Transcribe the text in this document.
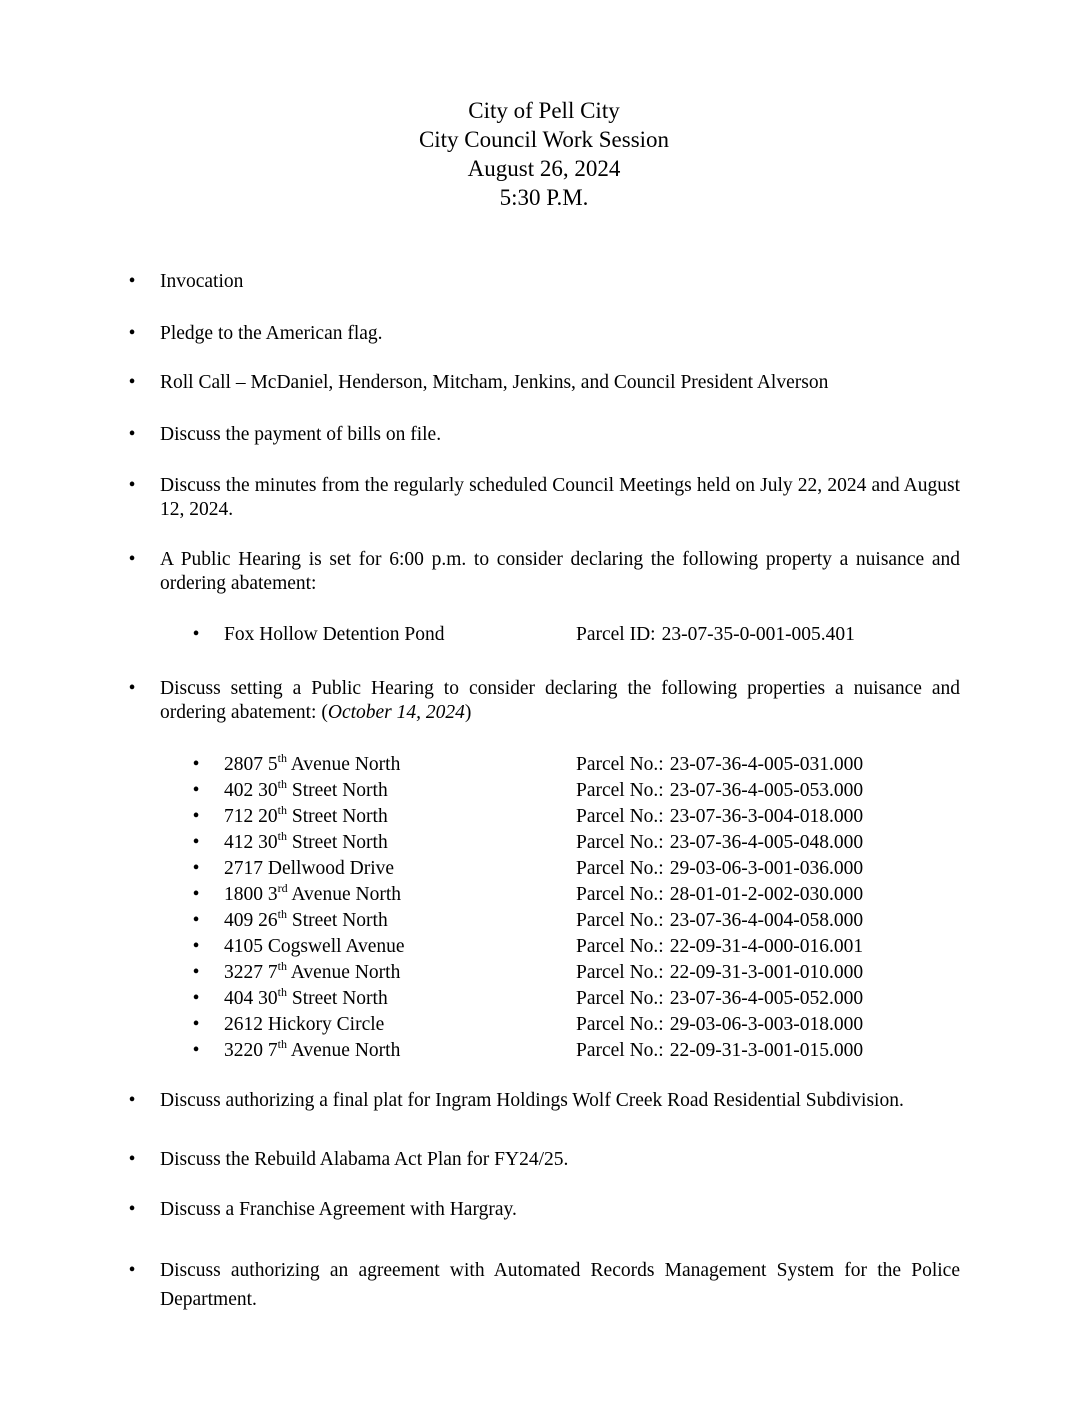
City of Pell City
City Council Work Session
August 26, 2024
5:30 P.M.
• Invocation
• Pledge to the American flag.
• Roll Call – McDaniel, Henderson, Mitcham, Jenkins, and Council President Alverson
• Discuss the payment of bills on file.
• Discuss the minutes from the regularly scheduled Council Meetings held on July 22, 2024 and August 12, 2024.
• A Public Hearing is set for 6:00 p.m. to consider declaring the following property a nuisance and ordering abatement:
• Fox Hollow Detention Pond	Parcel ID: 23-07-35-0-001-005.401
• Discuss setting a Public Hearing to consider declaring the following properties a nuisance and ordering abatement: (October 14, 2024)
• 2807 5th Avenue North	Parcel No.: 23-07-36-4-005-031.000
• 402 30th Street North	Parcel No.: 23-07-36-4-005-053.000
• 712 20th Street North	Parcel No.: 23-07-36-3-004-018.000
• 412 30th Street North	Parcel No.: 23-07-36-4-005-048.000
• 2717 Dellwood Drive	Parcel No.: 29-03-06-3-001-036.000
• 1800 3rd Avenue North	Parcel No.: 28-01-01-2-002-030.000
• 409 26th Street North	Parcel No.: 23-07-36-4-004-058.000
• 4105 Cogswell Avenue	Parcel No.: 22-09-31-4-000-016.001
• 3227 7th Avenue North	Parcel No.: 22-09-31-3-001-010.000
• 404 30th Street North	Parcel No.: 23-07-36-4-005-052.000
• 2612 Hickory Circle	Parcel No.: 29-03-06-3-003-018.000
• 3220 7th Avenue North	Parcel No.: 22-09-31-3-001-015.000
• Discuss authorizing a final plat for Ingram Holdings Wolf Creek Road Residential Subdivision.
• Discuss the Rebuild Alabama Act Plan for FY24/25.
• Discuss a Franchise Agreement with Hargray.
• Discuss authorizing an agreement with Automated Records Management System for the Police Department.
